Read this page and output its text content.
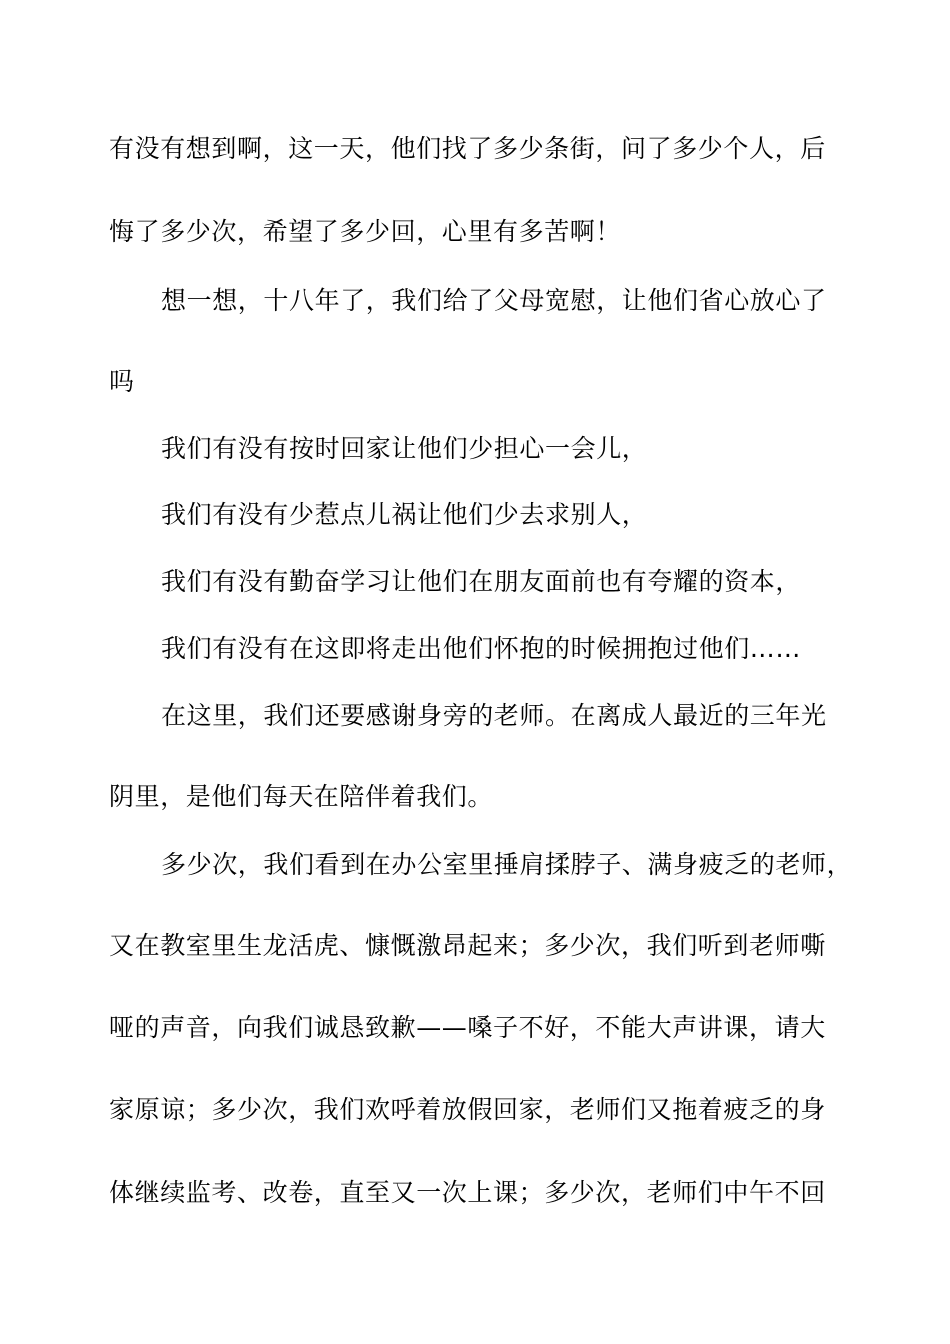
有没有想到啊，这一天，他们找了多少条街，问了多少个人，后
悔了多少次，希望了多少回，心里有多苦啊！
想一想，十八年了，我们给了父母宽慰，让他们省心放心了
吗
我们有没有按时回家让他们少担心一会儿，
我们有没有少惹点儿祸让他们少去求别人，
我们有没有勤奋学习让他们在朋友面前也有夸耀的资本，
我们有没有在这即将走出他们怀抱的时候拥抱过他们……
在这里，我们还要感谢身旁的老师。在离成人最近的三年光
阴里，是他们每天在陪伴着我们。
多少次，我们看到在办公室里捶肩揉脖子、满身疲乏的老师，
又在教室里生龙活虎、慷慨激昂起来；多少次，我们听到老师嘶
哑的声音，向我们诚恳致歉——嗓子不好，不能大声讲课，请大
家原谅；多少次，我们欢呼着放假回家，老师们又拖着疲乏的身
体继续监考、改卷，直至又一次上课；多少次，老师们中午不回
